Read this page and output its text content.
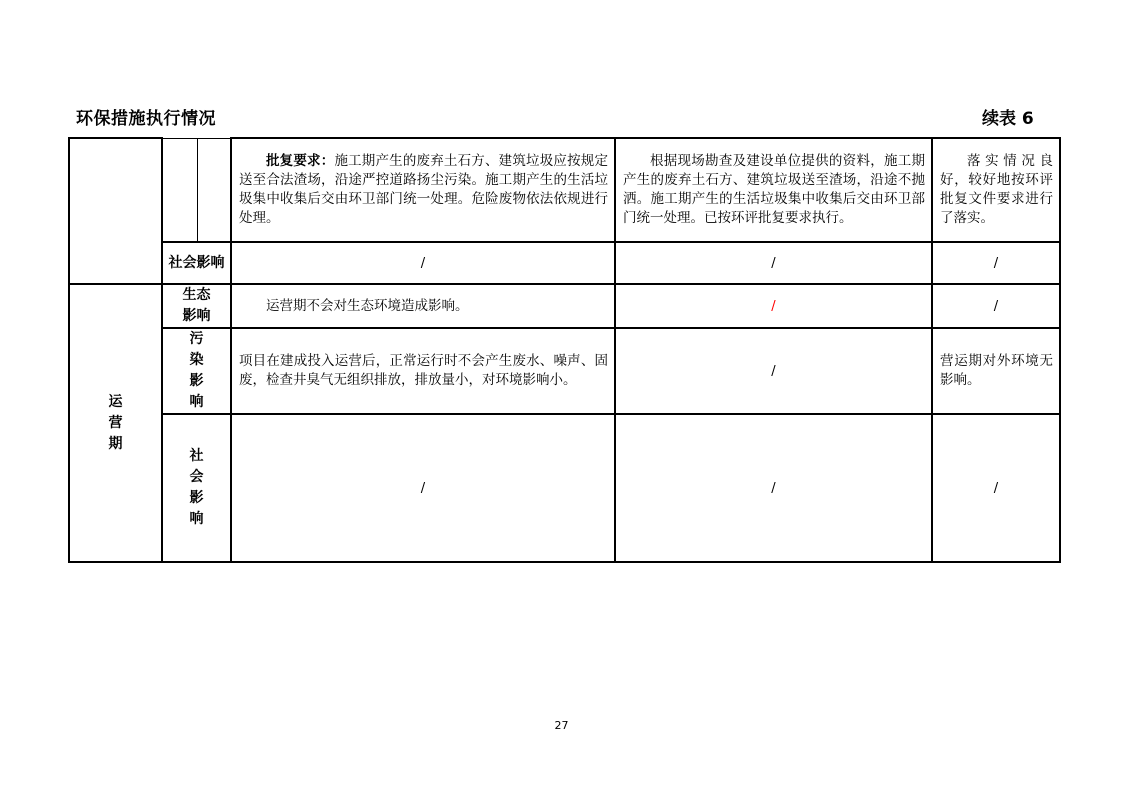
环保措施执行情况	续表 6

			批复要求：施工期产生的废弃土石方、建筑垃圾应按规定送至合法渣场，沿途严控道路扬尘污染。施工期产生的生活垃圾集中收集后交由环卫部门统一处理。危险废物依法依规进行处理。	根据现场勘查及建设单位提供的资料，施工期产生的废弃土石方、建筑垃圾送至渣场，沿途不抛洒。施工期产生的生活垃圾集中收集后交由环卫部门统一处理。已按环评批复要求执行。	落实情况良好，较好地按环评批复文件要求进行了落实。

	社会影响		/	/	/

运营期	生态影响		运营期不会对生态环境造成影响。	/	/

	污染影响		项目在建成投入运营后，正常运行时不会产生废水、噪声、固废，检查井臭气无组织排放，排放量小，对环境影响小。	/	营运期对外环境无影响。

	社会影响		/	/	/
27
